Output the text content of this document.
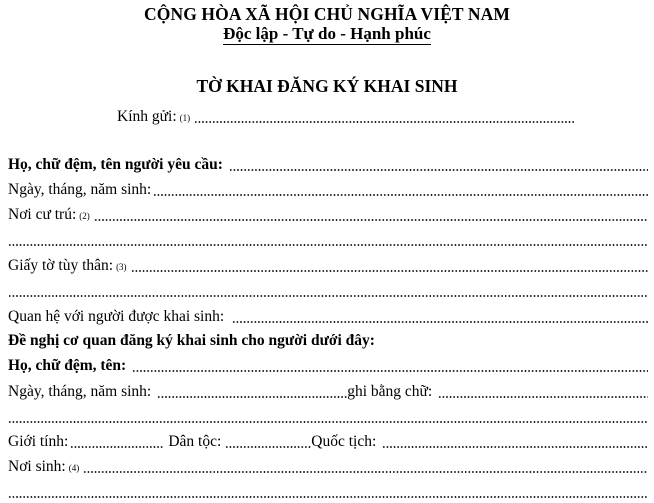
CỘNG HÒA XÃ HỘI CHỦ NGHĨA VIỆT NAM
Độc lập - Tự do - Hạnh phúc
TỜ KHAI ĐĂNG KÝ KHAI SINH
Kính gửi: (1)
Họ, chữ đệm, tên người yêu cầu:
Ngày, tháng, năm sinh:
Nơi cư trú: (2)
Giấy tờ tùy thân: (3)
Quan hệ với người được khai sinh:
Đề nghị cơ quan đăng ký khai sinh cho người dưới đây:
Họ, chữ đệm, tên:
Ngày, tháng, năm sinh:	ghi bằng chữ:
Giới tính:	Dân tộc:	Quốc tịch:
Nơi sinh: (4)
